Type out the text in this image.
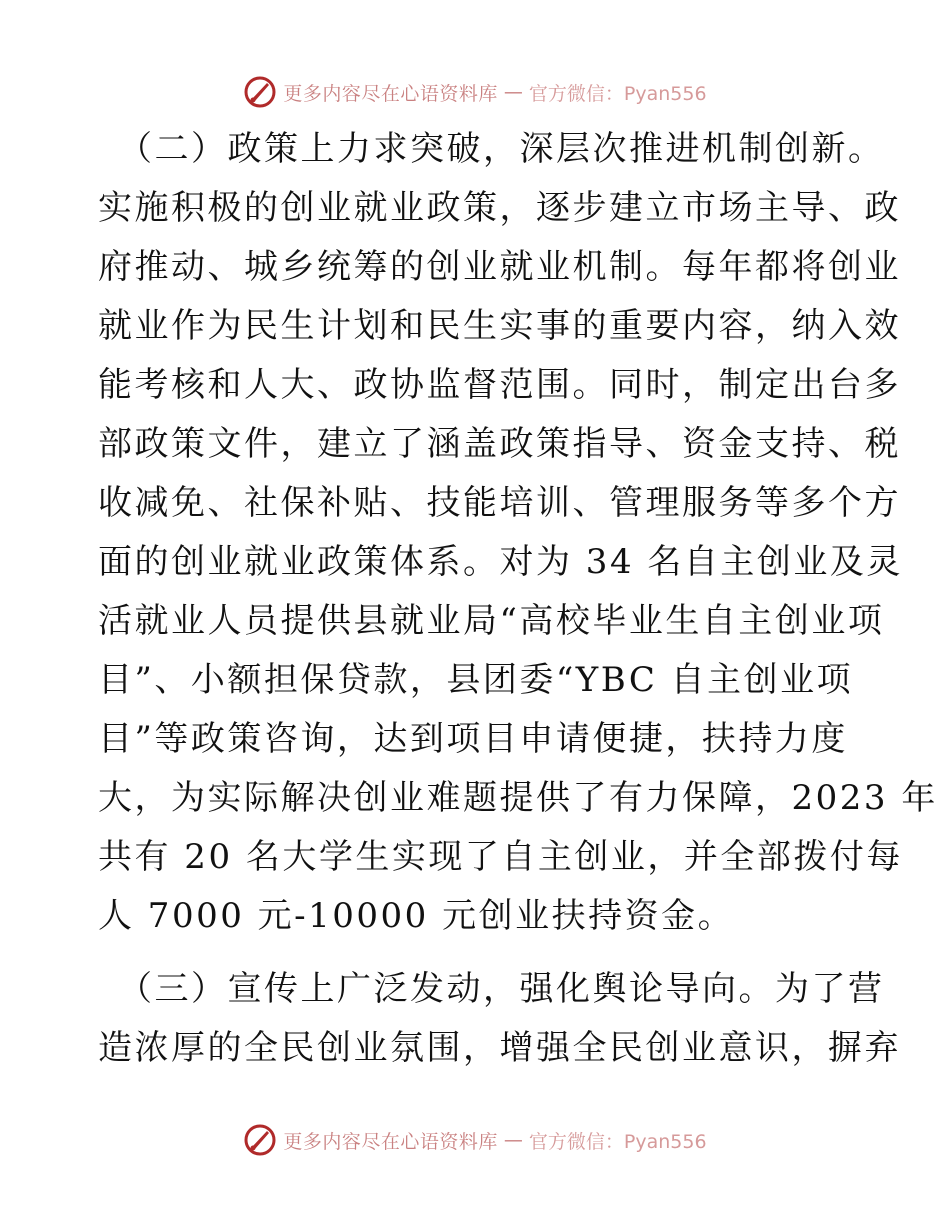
更多内容尽在心语资料库 — 官方微信：Pyan556
（二）政策上力求突破，深层次推进机制创新。
实施积极的创业就业政策，逐步建立市场主导、政
府推动、城乡统筹的创业就业机制。每年都将创业
就业作为民生计划和民生实事的重要内容，纳入效
能考核和人大、政协监督范围。同时，制定出台多
部政策文件，建立了涵盖政策指导、资金支持、税
收减免、社保补贴、技能培训、管理服务等多个方
面的创业就业政策体系。对为 34 名自主创业及灵
活就业人员提供县就业局“高校毕业生自主创业项
目”、小额担保贷款，县团委“YBC 自主创业项
目”等政策咨询，达到项目申请便捷，扶持力度
大，为实际解决创业难题提供了有力保障，2023 年
共有 20 名大学生实现了自主创业，并全部拨付每
人 7000 元-10000 元创业扶持资金。
（三）宣传上广泛发动，强化舆论导向。为了营
造浓厚的全民创业氛围，增强全民创业意识，摒弃
更多内容尽在心语资料库 — 官方微信：Pyan556
